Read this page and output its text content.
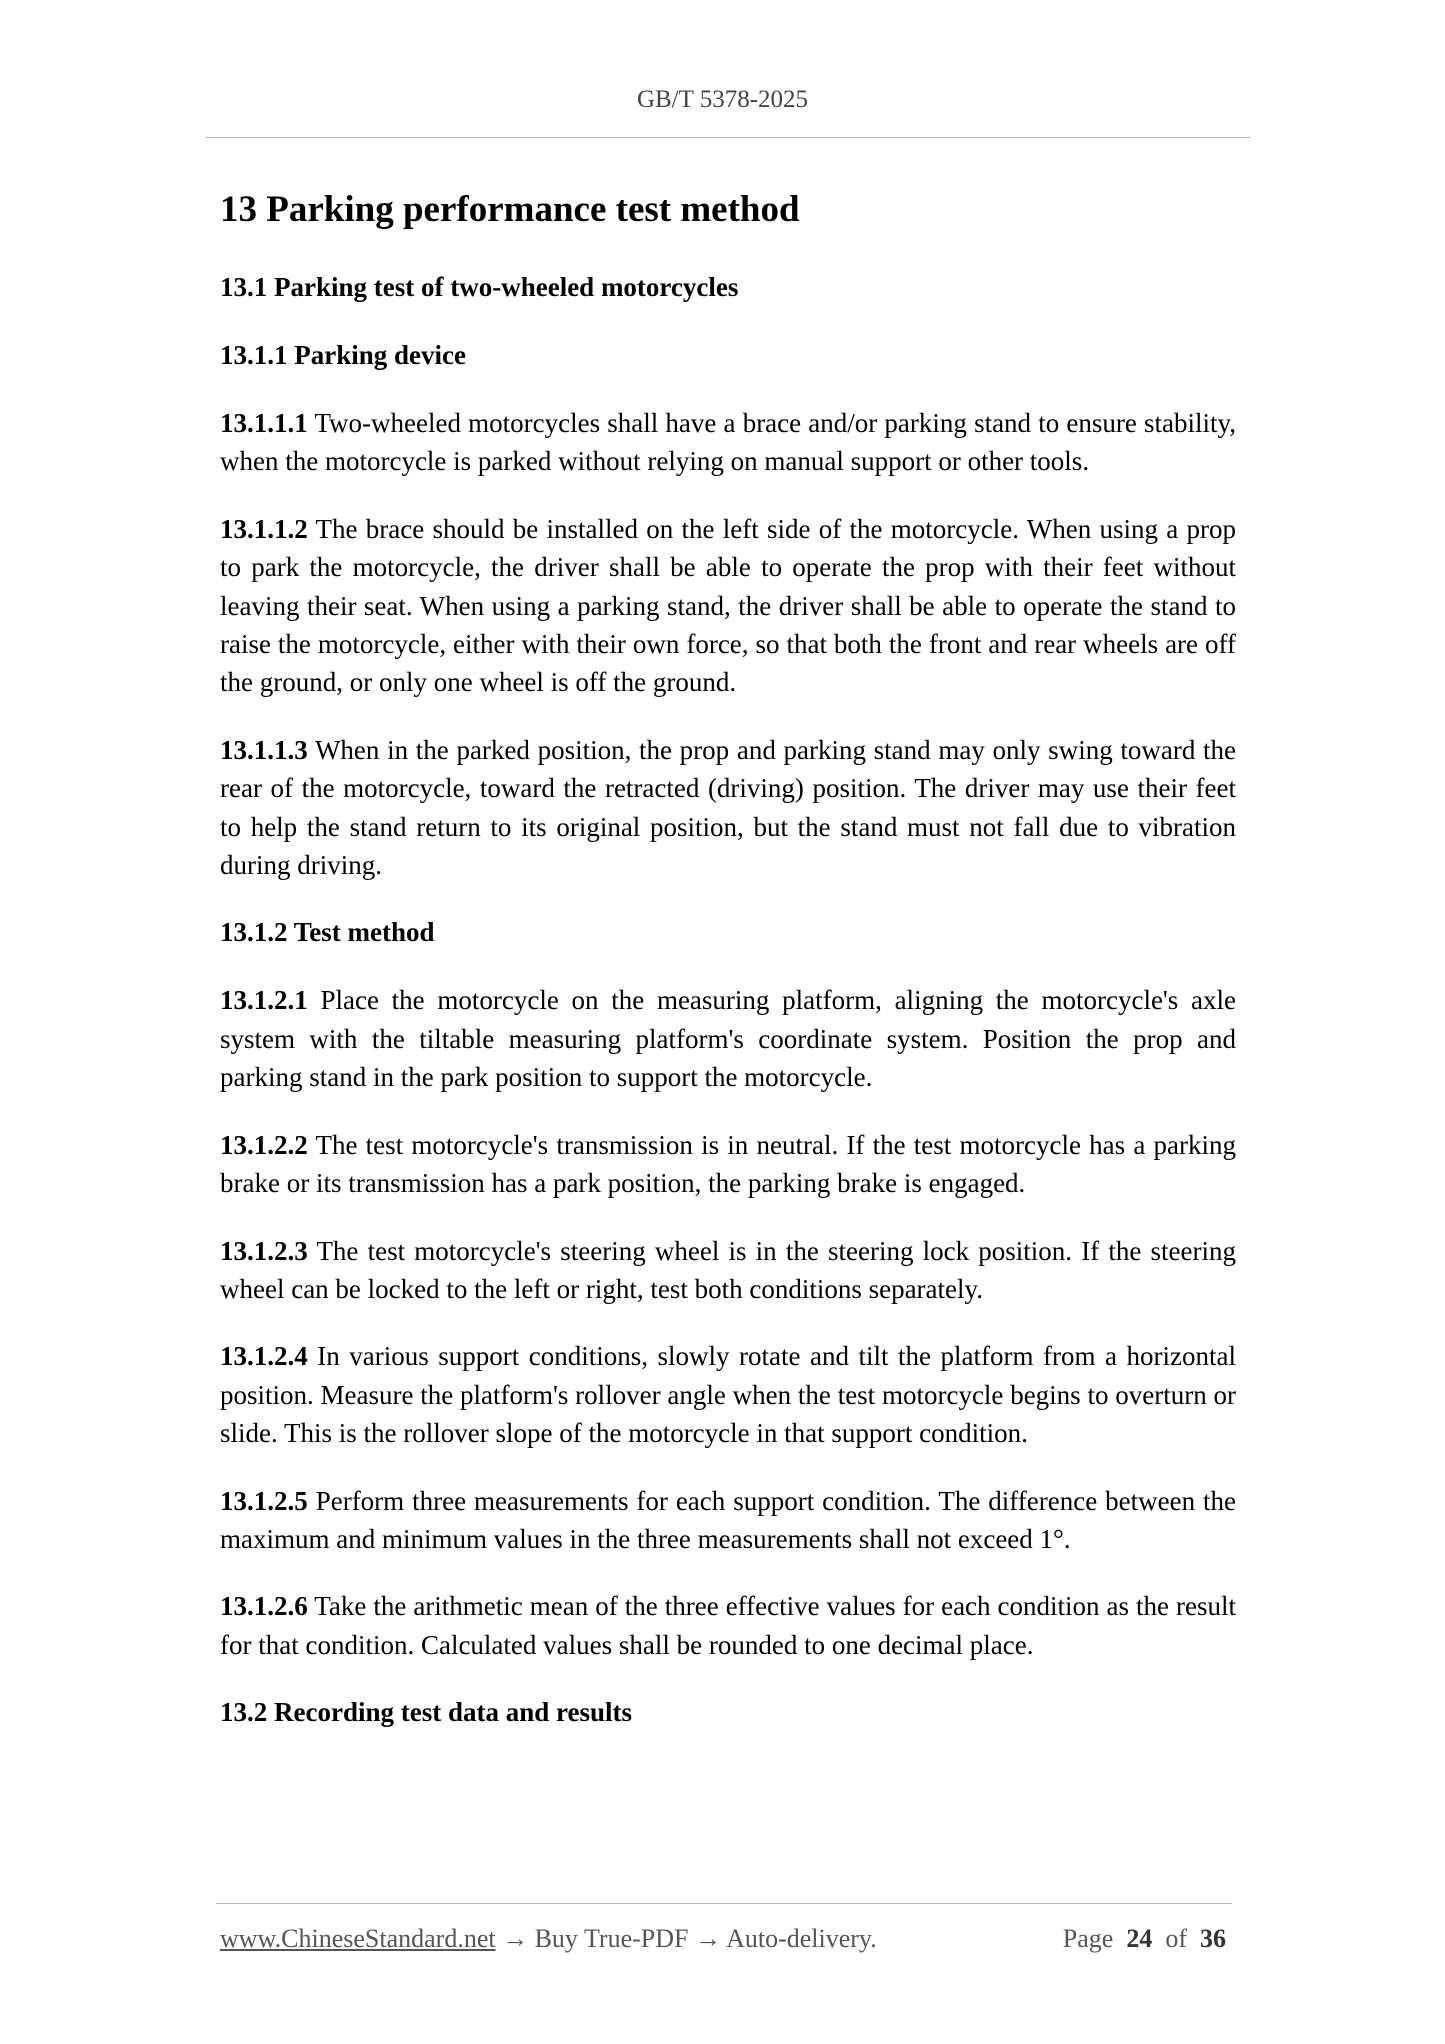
GB/T 5378-2025
13 Parking performance test method
13.1 Parking test of two-wheeled motorcycles
13.1.1 Parking device

13.1.1.1 Two-wheeled motorcycles shall have a brace and/or parking stand to ensure stability, when the motorcycle is parked without relying on manual support or other tools.

13.1.1.2 The brace should be installed on the left side of the motorcycle. When using a prop to park the motorcycle, the driver shall be able to operate the prop with their feet without leaving their seat. When using a parking stand, the driver shall be able to operate the stand to raise the motorcycle, either with their own force, so that both the front and rear wheels are off the ground, or only one wheel is off the ground.

13.1.1.3 When in the parked position, the prop and parking stand may only swing toward the rear of the motorcycle, toward the retracted (driving) position. The driver may use their feet to help the stand return to its original position, but the stand must not fall due to vibration during driving.

13.1.2 Test method

13.1.2.1 Place the motorcycle on the measuring platform, aligning the motorcycle's axle system with the tiltable measuring platform's coordinate system. Position the prop and parking stand in the park position to support the motorcycle.

13.1.2.2 The test motorcycle's transmission is in neutral. If the test motorcycle has a parking brake or its transmission has a park position, the parking brake is engaged.

13.1.2.3 The test motorcycle's steering wheel is in the steering lock position. If the steering wheel can be locked to the left or right, test both conditions separately.

13.1.2.4 In various support conditions, slowly rotate and tilt the platform from a horizontal position. Measure the platform's rollover angle when the test motorcycle begins to overturn or slide. This is the rollover slope of the motorcycle in that support condition.

13.1.2.5 Perform three measurements for each support condition. The difference between the maximum and minimum values in the three measurements shall not exceed 1°.

13.1.2.6 Take the arithmetic mean of the three effective values for each condition as the result for that condition. Calculated values shall be rounded to one decimal place.

13.2 Recording test data and results
www.ChineseStandard.net → Buy True-PDF → Auto-delivery.	Page 24 of 36
